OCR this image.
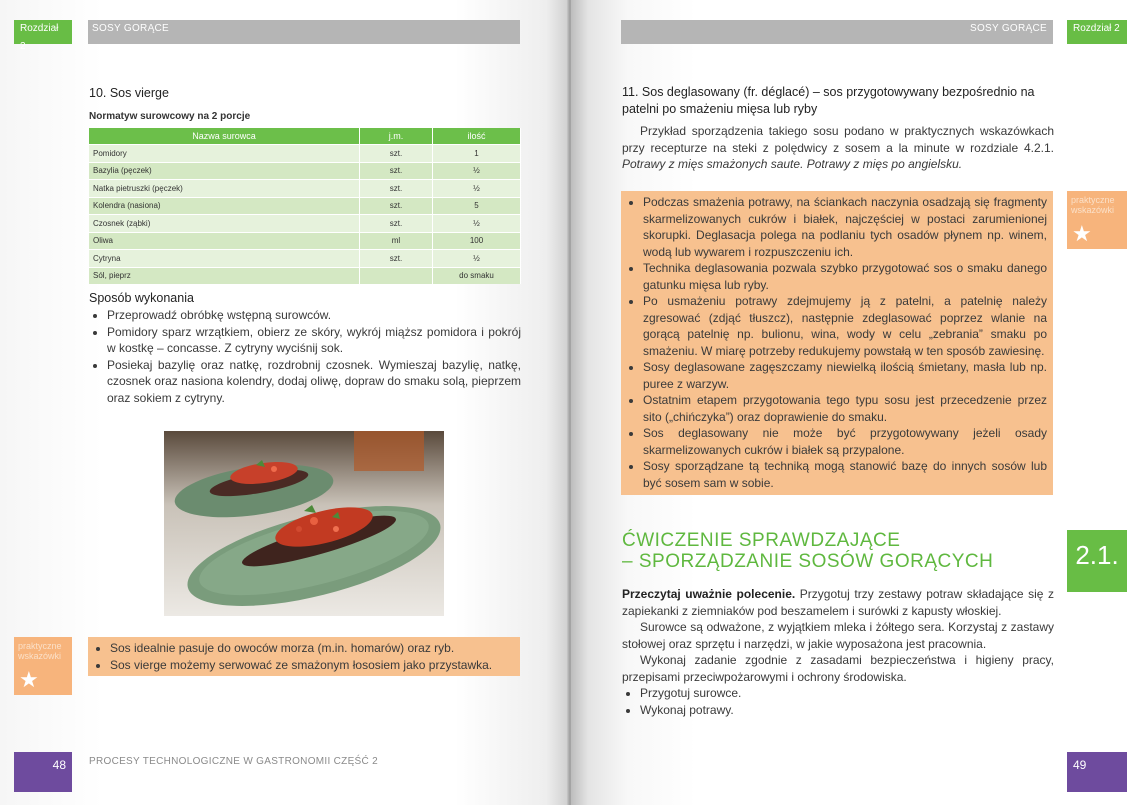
Rozdział 2
SOSY GORĄCE
10. Sos vierge
Normatyw surowcowy na 2 porcje
Nazwa surowca	j.m.	ilość
Pomidory	szt.	1
Bazylia (pęczek)	szt.	½
Natka pietruszki (pęczek)	szt.	½
Kolendra (nasiona)	szt.	5
Czosnek (ząbki)	szt.	½
Oliwa	ml	100
Cytryna	szt.	½
Sól, pieprz		do smaku
Sposób wykonania
• Przeprowadź obróbkę wstępną surowców.
• Pomidory sparz wrzątkiem, obierz ze skóry, wykrój miąższ pomidora i pokrój w kostkę – concasse. Z cytryny wyciśnij sok.
• Posiekaj bazylię oraz natkę, rozdrobnij czosnek. Wymieszaj bazylię, natkę, czosnek oraz nasiona kolendry, dodaj oliwę, dopraw do smaku solą, pieprzem oraz sokiem z cytryny.
praktyczne wskazówki
★
• Sos idealnie pasuje do owoców morza (m.in. homarów) oraz ryb.
• Sos vierge możemy serwować ze smażonym łososiem jako przystawka.
48	PROCESY TECHNOLOGICZNE W GASTRONOMII CZĘŚĆ 2
SOSY GORĄCE	Rozdział 2
11. Sos deglasowany (fr. déglacé) – sos przygotowywany bezpośrednio na patelni po smażeniu mięsa lub ryby

Przykład sporządzenia takiego sosu podano w praktycznych wskazówkach przy recepturze na steki z polędwicy z sosem a la minute w rozdziale 4.2.1. Potrawy z mięs smażonych saute. Potrawy z mięs po angielsku.

• Podczas smażenia potrawy, na ściankach naczynia osadzają się fragmenty skarmelizowanych cukrów i białek, najczęściej w postaci zarumienionej skorupki. Deglasacja polega na podlaniu tych osadów płynem np. winem, wodą lub wywarem i rozpuszczeniu ich.
• Technika deglasowania pozwala szybko przygotować sos o smaku danego gatunku mięsa lub ryby.
• Po usmażeniu potrawy zdejmujemy ją z patelni, a patelnię należy zgresować (zdjąć tłuszcz), następnie zdeglasować poprzez wlanie na gorącą patelnię np. bulionu, wina, wody w celu „zebrania” smaku po smażeniu. W miarę potrzeby redukujemy powstałą w ten sposób zawiesinę.
• Sosy deglasowane zagęszczamy niewielką ilością śmietany, masła lub np. puree z warzyw.
• Ostatnim etapem przygotowania tego typu sosu jest przecedzenie przez sito („chińczyka”) oraz doprawienie do smaku.
• Sos deglasowany nie może być przygotowywany jeżeli osady skarmelizowanych cukrów i białek są przypalone.
• Sosy sporządzane tą techniką mogą stanowić bazę do innych sosów lub być sosem sam w sobie.
praktyczne wskazówki
★
ĆWICZENIE SPRAWDZAJĄCE
– SPORZĄDZANIE SOSÓW GORĄCYCH	2.1.

Przeczytaj uważnie polecenie. Przygotuj trzy zestawy potraw składające się z zapiekanki z ziemniaków pod beszamelem i surówki z kapusty włoskiej.

Surowce są odważone, z wyjątkiem mleka i żółtego sera. Korzystaj z zastawy stołowej oraz sprzętu i narzędzi, w jakie wyposażona jest pracownia.

Wykonaj zadanie zgodnie z zasadami bezpieczeństwa i higieny pracy, przepisami przeciwpożarowymi i ochrony środowiska.

• Przygotuj surowce.
• Wykonaj potrawy.
49
